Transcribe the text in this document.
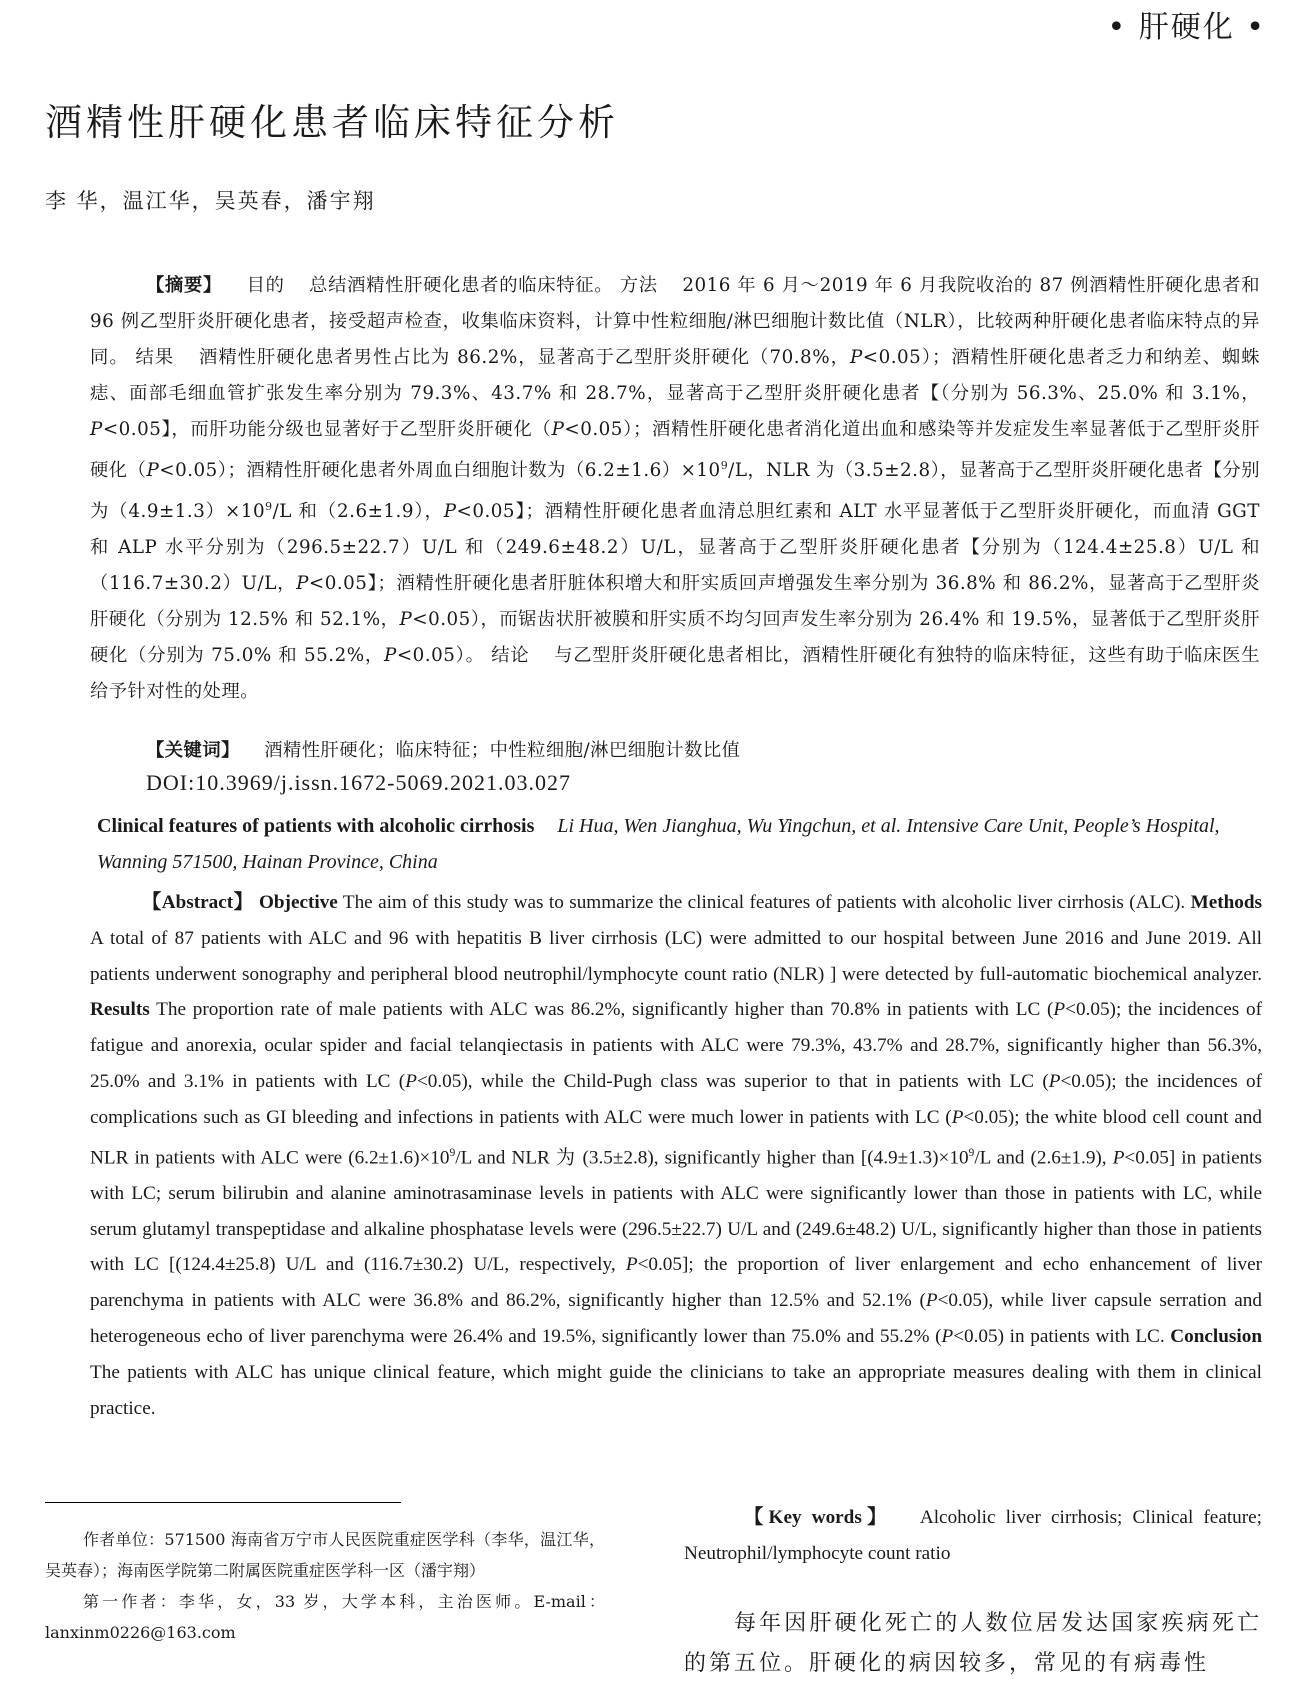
• 肝硬化 •
酒精性肝硬化患者临床特征分析
李 华，温江华，吴英春，潘宇翔

【摘要】 目的 总结酒精性肝硬化患者的临床特征。 方法 2016 年 6 月～2019 年 6 月我院收治的 87 例酒精性肝硬化患者和 96 例乙型肝炎肝硬化患者，接受超声检查，收集临床资料，计算中性粒细胞/淋巴细胞计数比值（NLR），比较两种肝硬化患者临床特点的异同。 结果 酒精性肝硬化患者男性占比为 86.2%，显著高于乙型肝炎肝硬化（70.8%，P<0.05）；酒精性肝硬化患者乏力和纳差、蜘蛛痣、面部毛细血管扩张发生率分别为 79.3%、43.7% 和 28.7%，显著高于乙型肝炎肝硬化患者【（分别为 56.3%、25.0% 和 3.1%，P<0.05】，而肝功能分级也显著好于乙型肝炎肝硬化（P<0.05）；酒精性肝硬化患者消化道出血和感染等并发症发生率显著低于乙型肝炎肝硬化（P<0.05）；酒精性肝硬化患者外周血白细胞计数为$(6.2\pm 1.6)\times 10^9/L$，NLR 为（3.5±2.8），显著高于乙型肝炎肝硬化患者【分别为$(4.9\pm 1.3)\times 10^9/L$ 和（2.6±1.9），P<0.05】；酒精性肝硬化患者血清总胆红素和 ALT 水平显著低于乙型肝炎肝硬化，而血清 GGT 和 ALP 水平分别为（296.5±22.7）U/L 和（249.6±48.2）U/L，显著高于乙型肝炎肝硬化患者【分别为（124.4±25.8）U/L 和（116.7±30.2）U/L，P<0.05】；酒精性肝硬化患者肝脏体积增大和肝实质回声增强发生率分别为 36.8% 和 86.2%，显著高于乙型肝炎肝硬化（分别为 12.5% 和 52.1%，P<0.05），而锯齿状肝被膜和肝实质不均匀回声发生率分别为 26.4% 和 19.5%，显著低于乙型肝炎肝硬化（分别为 75.0% 和 55.2%，P<0.05）。 结论 与乙型肝炎肝硬化患者相比，酒精性肝硬化有独特的临床特征，这些有助于临床医生给予针对性的处理。

【关键词】 酒精性肝硬化；临床特征；中性粒细胞/淋巴细胞计数比值
DOI:10.3969/j.issn.1672-5069.2021.03.027
Clinical features of patients with alcoholic cirrhosis Li Hua, Wen Jianghua, Wu Yingchun, et al. Intensive Care Unit, People’s Hospital, Wanning 571500, Hainan Province, China

【Abstract】 Objective The aim of this study was to summarize the clinical features of patients with alcoholic liver cirrhosis (ALC). Methods A total of 87 patients with ALC and 96 with hepatitis B liver cirrhosis (LC) were admitted to our hospital between June 2016 and June 2019. All patients underwent sonography and peripheral blood neutrophil/lymphocyte count ratio (NLR) ] were detected by full-automatic biochemical analyzer. Results The proportion rate of male patients with ALC was 86.2%, significantly higher than 70.8% in patients with LC (P<0.05); the incidences of fatigue and anorexia, ocular spider and facial telanqiectasis in patients with ALC were 79.3%, 43.7% and 28.7%, significantly higher than 56.3%, 25.0% and 3.1% in patients with LC (P<0.05), while the Child-Pugh class was superior to that in patients with LC (P<0.05); the incidences of complications such as GI bleeding and infections in patients with ALC were much lower in patients with LC (P<0.05); the white blood cell count and NLR in patients with ALC were $(6.2\pm 1.6)\times 10^9/L$ and NLR 为 (3.5±2.8), significantly higher than [$(4.9\pm 1.3)\times 10^9/L$ and (2.6±1.9), P<0.05] in patients with LC; serum bilirubin and alanine aminotrasaminase levels in patients with ALC were significantly lower than those in patients with LC, while serum glutamyl transpeptidase and alkaline phosphatase levels were (296.5±22.7) U/L and (249.6±48.2) U/L, significantly higher than those in patients with LC [(124.4±25.8) U/L and (116.7±30.2) U/L, respectively, P<0.05]; the proportion of liver enlargement and echo enhancement of liver parenchyma in patients with ALC were 36.8% and 86.2%, significantly higher than 12.5% and 52.1% (P<0.05), while liver capsule serration and heterogeneous echo of liver parenchyma were 26.4% and 19.5%, significantly lower than 75.0% and 55.2% (P<0.05) in patients with LC. Conclusion The patients with ALC has unique clinical feature, which might guide the clinicians to take an appropriate measures dealing with them in clinical practice.

作者单位：571500 海南省万宁市人民医院重症医学科（李华，温江华，吴英春）；海南医学院第二附属医院重症医学科一区（潘宇翔）

第一作者：李华，女，33 岁，大学本科，主治医师。E-mail：lanxinm0226@163.com

【Key words】 Alcoholic liver cirrhosis; Clinical feature; Neutrophil/lymphocyte count ratio

每年因肝硬化死亡的人数位居发达国家疾病死亡的第五位。肝硬化的病因较多，常见的有病毒性
